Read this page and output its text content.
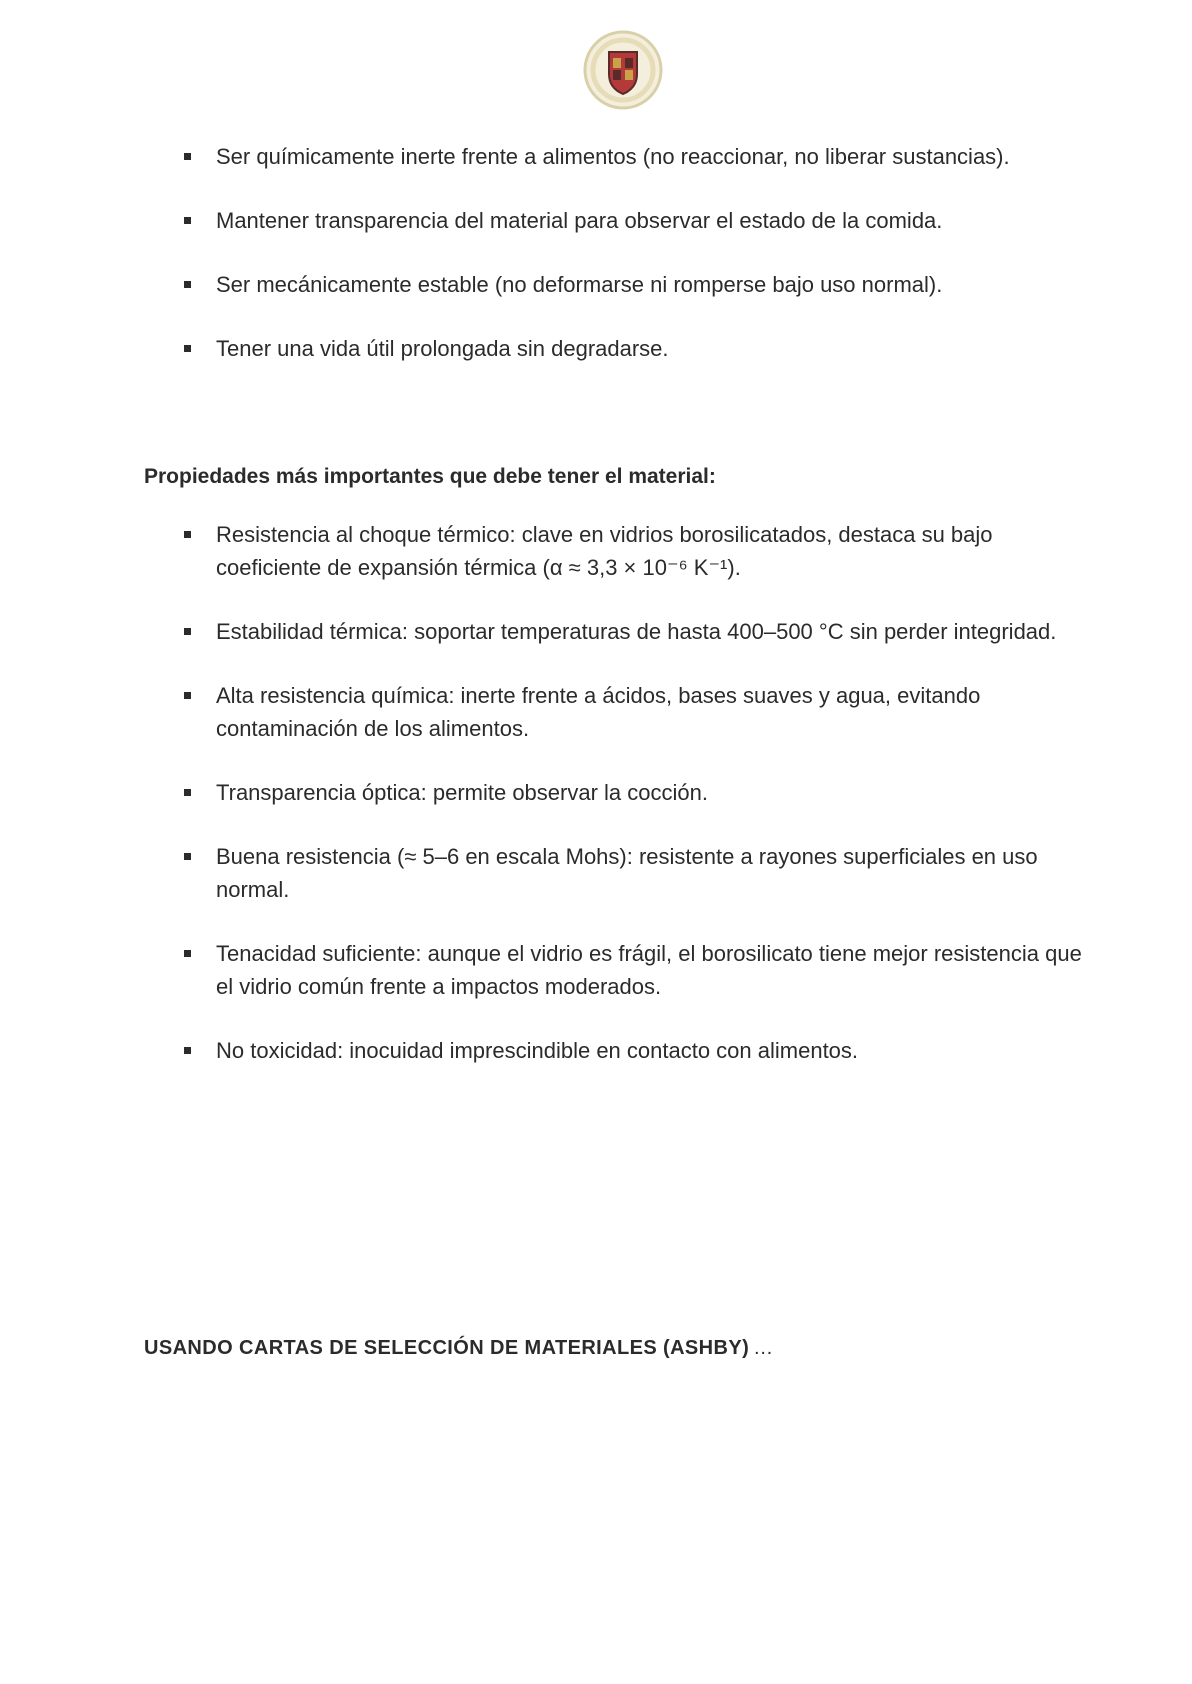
Ser químicamente inerte frente a alimentos (no reaccionar, no liberar sustancias).
Mantener transparencia del material para observar el estado de la comida.
Ser mecánicamente estable (no deformarse ni romperse bajo uso normal).
Tener una vida útil prolongada sin degradarse.
Propiedades más importantes que debe tener el material:
Resistencia al choque térmico: clave en vidrios borosilicatados, destaca su bajo coeficiente de expansión térmica (α ≈ 3,3 × 10⁻⁶ K⁻¹).
Estabilidad térmica: soportar temperaturas de hasta 400–500 °C sin perder integridad.
Alta resistencia química: inerte frente a ácidos, bases suaves y agua, evitando contaminación de los alimentos.
Transparencia óptica: permite observar la cocción.
Buena resistencia (≈ 5–6 en escala Mohs): resistente a rayones superficiales en uso normal.
Tenacidad suficiente: aunque el vidrio es frágil, el borosilicato tiene mejor resistencia que el vidrio común frente a impactos moderados.
No toxicidad: inocuidad imprescindible en contacto con alimentos.
USANDO CARTAS DE SELECCIÓN DE MATERIALES (ASHBY) …
